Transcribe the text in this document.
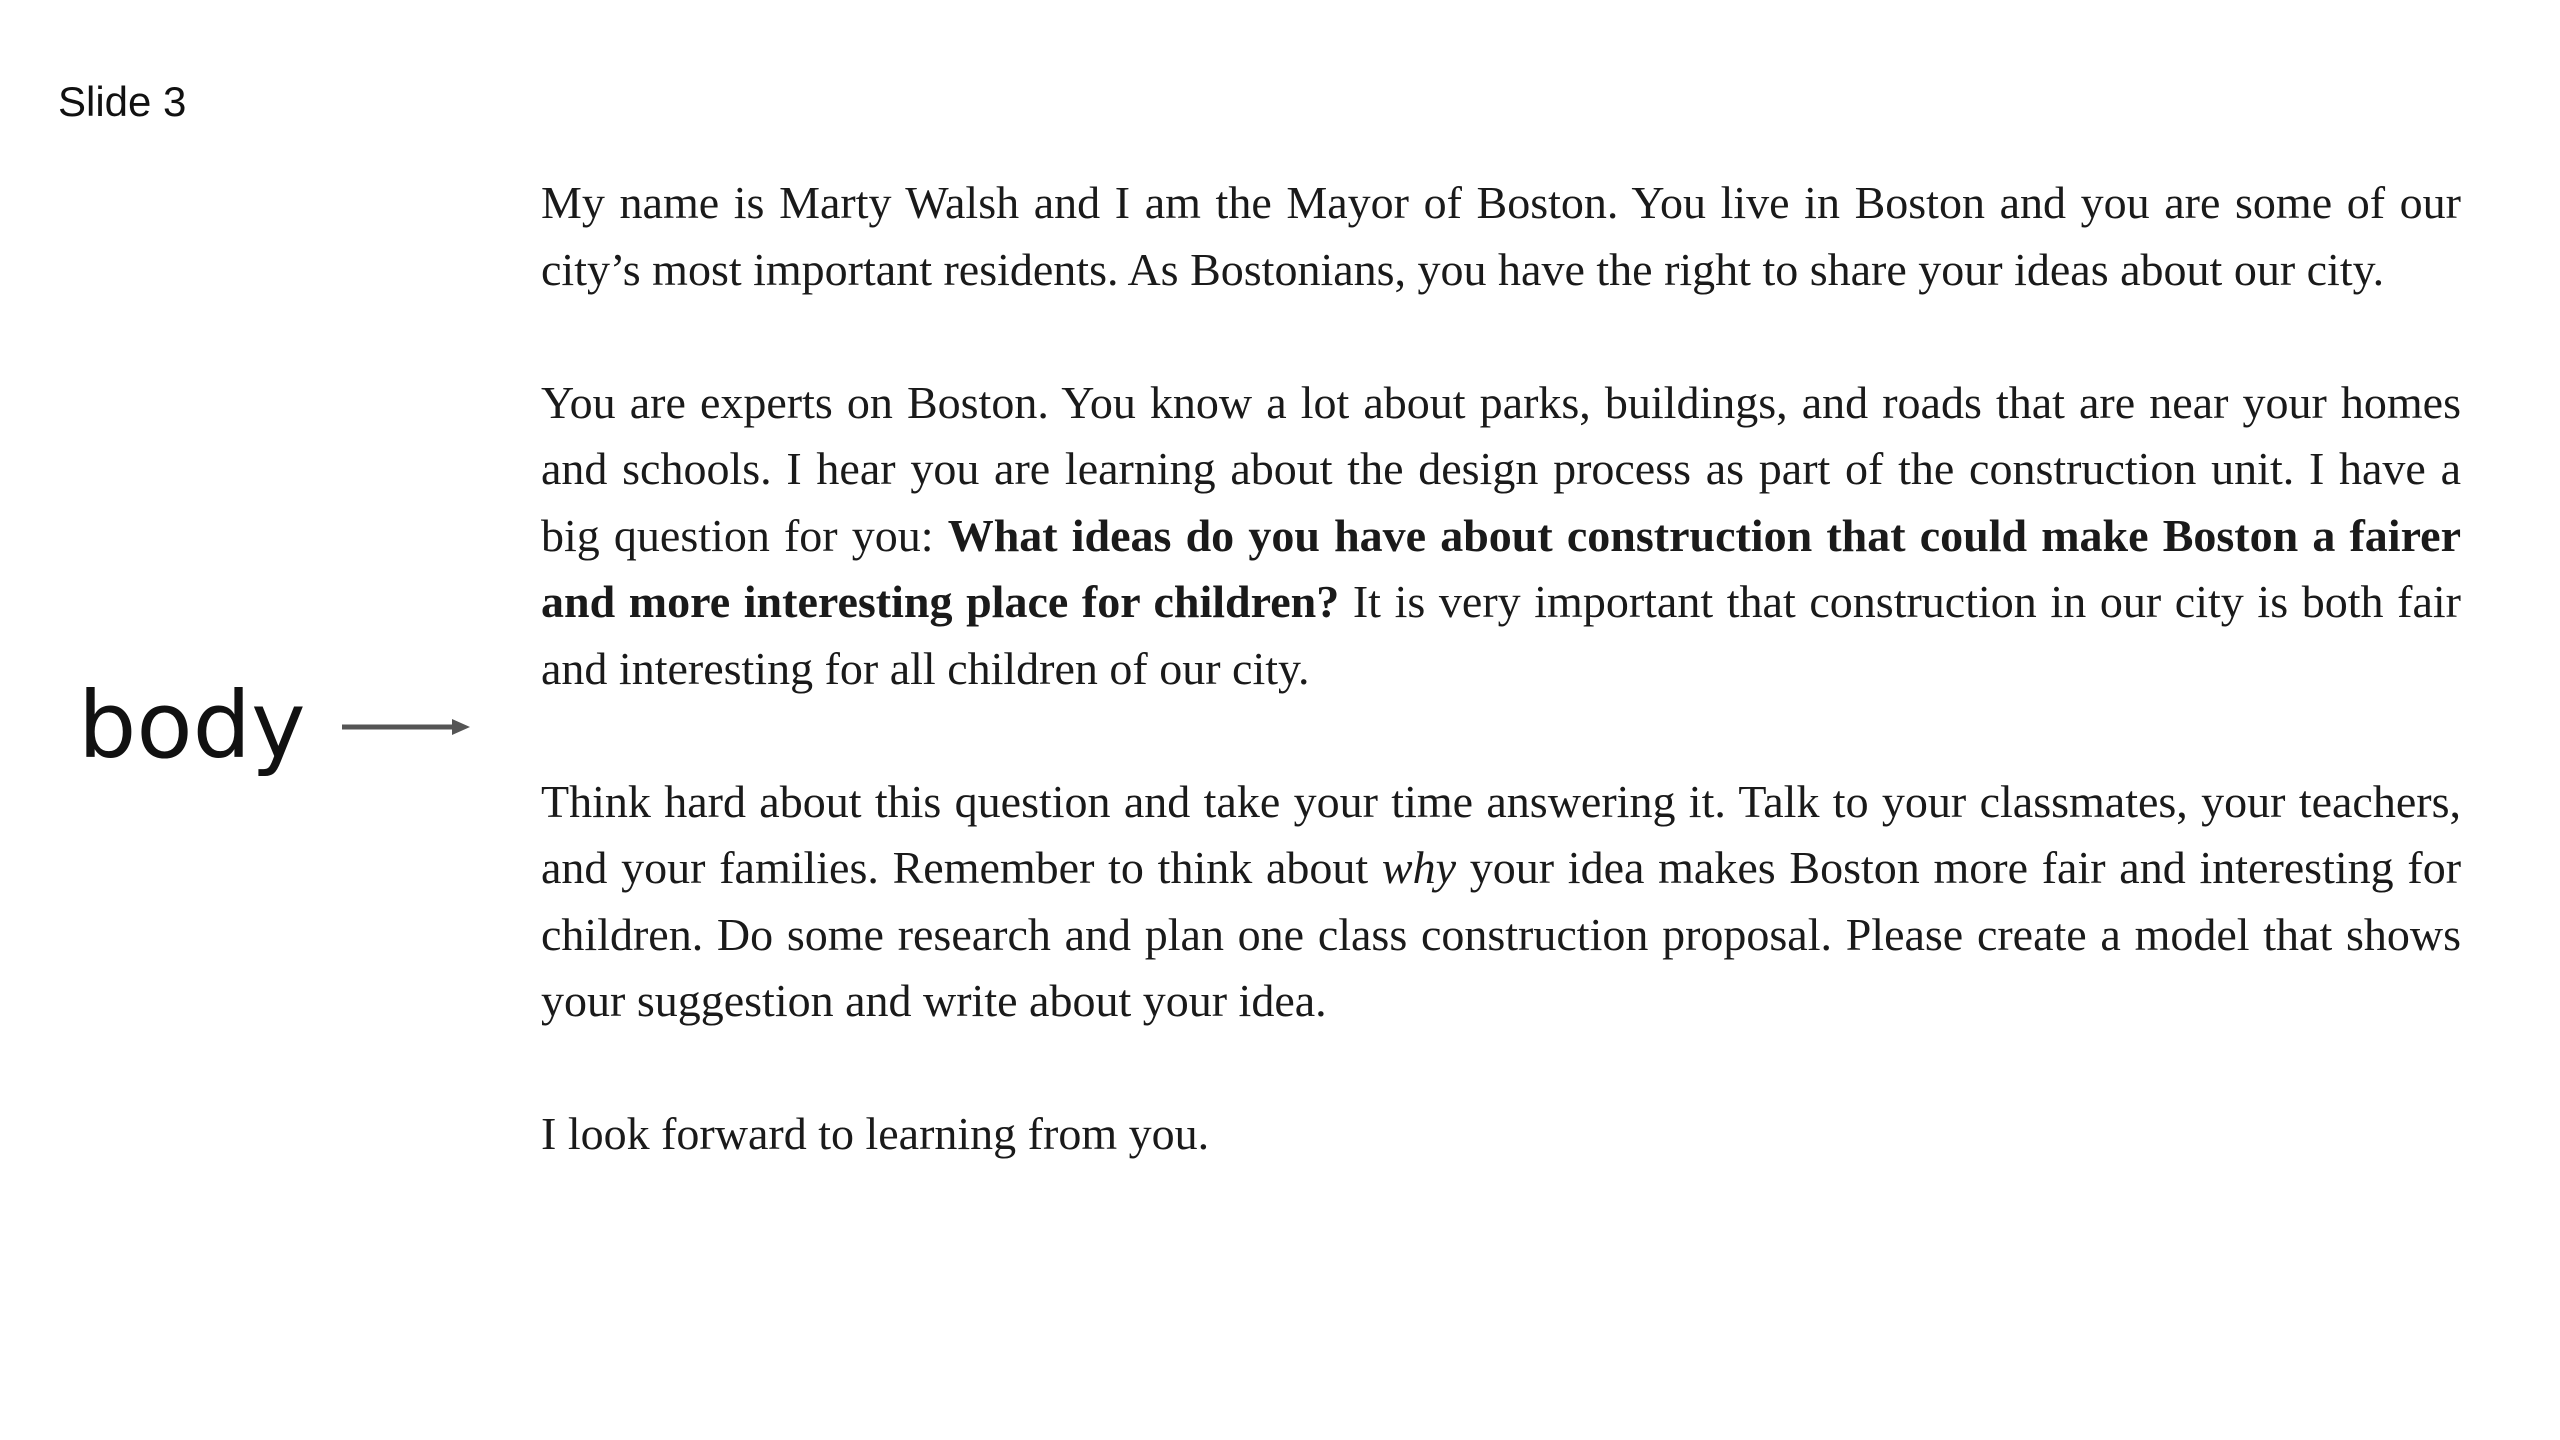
Slide 3
body

My name is Marty Walsh and I am the Mayor of Boston. You live in Boston and you are some of our city’s most important residents. As Bostonians, you have the right to share your ideas about our city.

You are experts on Boston. You know a lot about parks, buildings, and roads that are near your homes and schools. I hear you are learning about the design process as part of the construction unit. I have a big question for you: What ideas do you have about construction that could make Boston a fairer and more interesting place for children? It is very important that construction in our city is both fair and interesting for all children of our city.

Think hard about this question and take your time answering it. Talk to your classmates, your teachers, and your families. Remember to think about why your idea makes Boston more fair and interesting for children. Do some research and plan one class construction proposal. Please create a model that shows your suggestion and write about your idea.

I look forward to learning from you.
